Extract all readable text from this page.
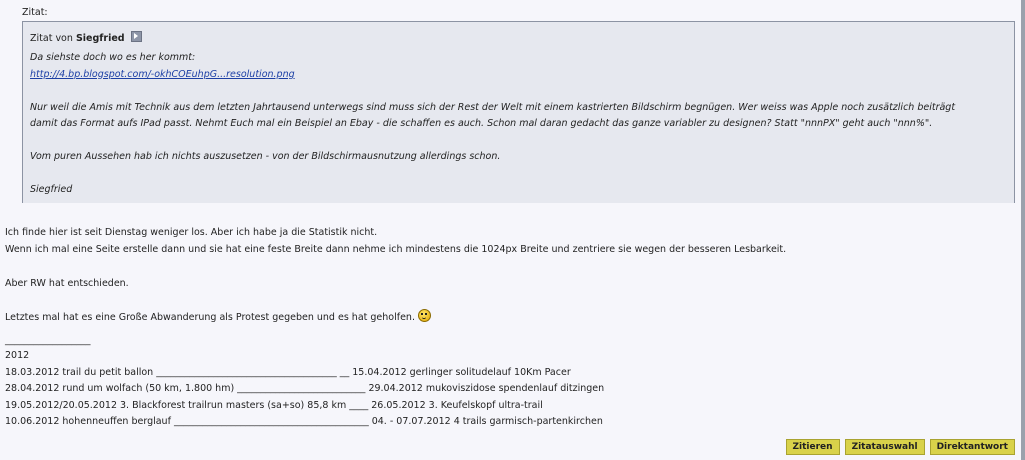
Zitat:
Zitat von Siegfried
Da siehste doch wo es her kommt:
http://4.bp.blogspot.com/-okhCOEuhpG...resolution.png
Nur weil die Amis mit Technik aus dem letzten Jahrtausend unterwegs sind muss sich der Rest der Welt mit einem kastrierten Bildschirm begnügen. Wer weiss was Apple noch zusätzlich beiträgt
damit das Format aufs IPad passt. Nehmt Euch mal ein Beispiel an Ebay - die schaffen es auch. Schon mal daran gedacht das ganze variabler zu designen? Statt "nnnPX" geht auch "nnn%".
Vom puren Aussehen hab ich nichts auszusetzen - von der Bildschirmausnutzung allerdings schon.
Siegfried
Ich finde hier ist seit Dienstag weniger los. Aber ich habe ja die Statistik nicht.
Wenn ich mal eine Seite erstelle dann und sie hat eine feste Breite dann nehme ich mindestens die 1024px Breite und zentriere sie wegen der besseren Lesbarkeit.
Aber RW hat entschieden.
Letztes mal hat es eine Große Abwanderung als Protest gegeben und es hat geholfen.
__________________
2012
18.03.2012 trail du petit ballon ______________________________________ __ 15.04.2012 gerlinger solitudelauf 10Km Pacer
28.04.2012 rund um wolfach (50 km, 1.800 hm) ___________________________ 29.04.2012 mukoviszidose spendenlauf ditzingen
19.05.2012/20.05.2012 3. Blackforest trailrun masters (sa+so) 85,8 km ____ 26.05.2012 3. Keufelskopf ultra-trail
10.06.2012 hohenneuffen berglauf _________________________________________ 04. - 07.07.2012 4 trails garmisch-partenkirchen
Zitieren	Zitatauswahl	Direktantwort
